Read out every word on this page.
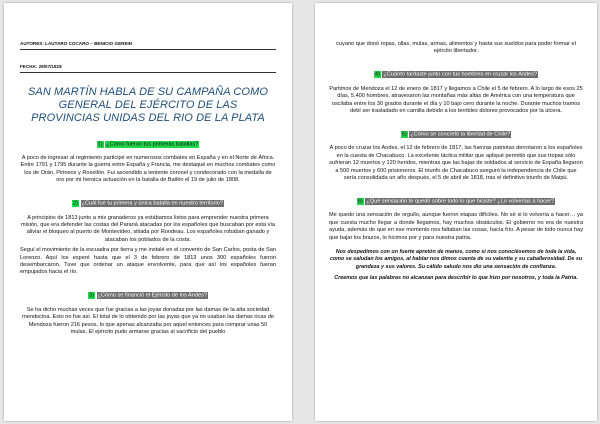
AUTORES: LAUTARO COCARO – BENICIO GEREIN

FECHA: 29/07/1818

SAN MARTÍN HABLA DE SU CAMPAÑA COMO GENERAL DEL EJÉRCITO DE LAS PROVINCIAS UNIDAS DEL RIO DE LA PLATA
1) ¿Cómo fueron tus primeras batallas?

A poco de ingresar al regimiento participé en numerosos combates en España y en el Norte de África. Entre 1791 y 1795 durante la guerra entre España y Francia, me destaqué en muchos combates como los de Orán, Pirineos y Rosellón. Fui ascendido a teniente coronel y condecorado con la medalla de oro por mi heroica actuación en la batalla de Bailén el 19 de julio de 1808.

2) ¿Cuál fue tu primera y única batalla en nuestro territorio?

A principios de 1813 junto a mis granaderos ya estábamos listos para emprender nuestra primera misión, que era defender las costas del Paraná atacadas por los españoles que buscaban por esta vía aliviar el bloqueo al puerto de Montevideo, sitiada por Rondeau. Los españoles robaban ganado y atacaban los poblados de la costa.

Seguí el movimiento de la escuadra por tierra y me instalé en el convento de San Carlos, posta de San Lorenzo. Aquí los esperé hasta que el 3 de febrero de 1813 unos 300 españoles fueron desembarcaron. Tuve que ordenar un ataque envolvente, para que así los españoles fueran empujados hacia el río.

3) ¿Cómo se financió el Ejército de los Andes?

Se ha dicho muchas veces que fue gracias a las joyas donadas por las damas de la alta sociedad mendocina. Esto no fue así. El total de lo obtenido por las joyas que ya no usaban las damas ricas de Mendoza fueron 216 pesos, lo que apenas alcanzaba por aquel entonces para comprar unas 50 mulas. El ejército pudo armarse gracias al sacrificio del pueblo

cuyano que donó ropas, ollas, mulas, armas, alimentos y hasta sus sueldos para poder formar el ejército libertador.

4) ¿Cuánto tardaste junto con tus hombres en cruzar los Andes?

Partimos de Mendoza el 12 de enero de 1817 y llegamos a Chile el 5 de febrero. A lo largo de esos 25 días, 5.400 hombres, atravesaron las montañas más altas de América con una temperatura que oscilaba entre los 30 grados durante el día y 10 bajo cero durante la noche. Durante muchos tramos debí ser trasladado en camilla debido a los terribles dolores provocados por la úlcera.

5) ¿Cómo se concretó la libertad de Chile?

A poco de cruzar los Andes, el 12 de febrero de 1817, las fuerzas patriotas derrotaron a los españoles en la cuesta de Chacabuco. La excelente táctica militar que apliqué permitió que sus tropas sólo sufrieran 12 muertos y 120 heridos, mientras que las bajas de soldados al servicio de España llegaron a 500 muertos y 600 prisioneros. El triunfo de Chacabuco aseguró la independencia de Chile que sería consolidada un año después, el 5 de abril de 1818, tras el definitivo triunfo de Maipú.

6) ¿Qué sensación te quedó sobre todo lo que hiciste? ¿Lo volverías a hacer?

Me quedo una sensación de orgullo, aunque fueron etapas difíciles. No sé si lo volvería a hacer… ya que cuesta mucho llegar a donde llegamos, hay muchos obstáculos. El gobierno no era de nuestra ayuda, además de que en ese momento nos faltaban las cosas, hacía frío. A pesar de todo nunca hay que bajar los brazos, lo hicimos por y para nuestra patria.

Nos despedimos con un fuerte apretón de manos, como si nos conociésemos de toda la vida, como se saludan los amigos, al hablar nos dimos cuenta de su valentía y su caballerosidad. De su grandeza y sus valores. Su cálido saludo nos dio una sensación de confianza.

Creemos que las palabras no alcanzan para describir lo que hizo por nosotros, y toda la Patria.
